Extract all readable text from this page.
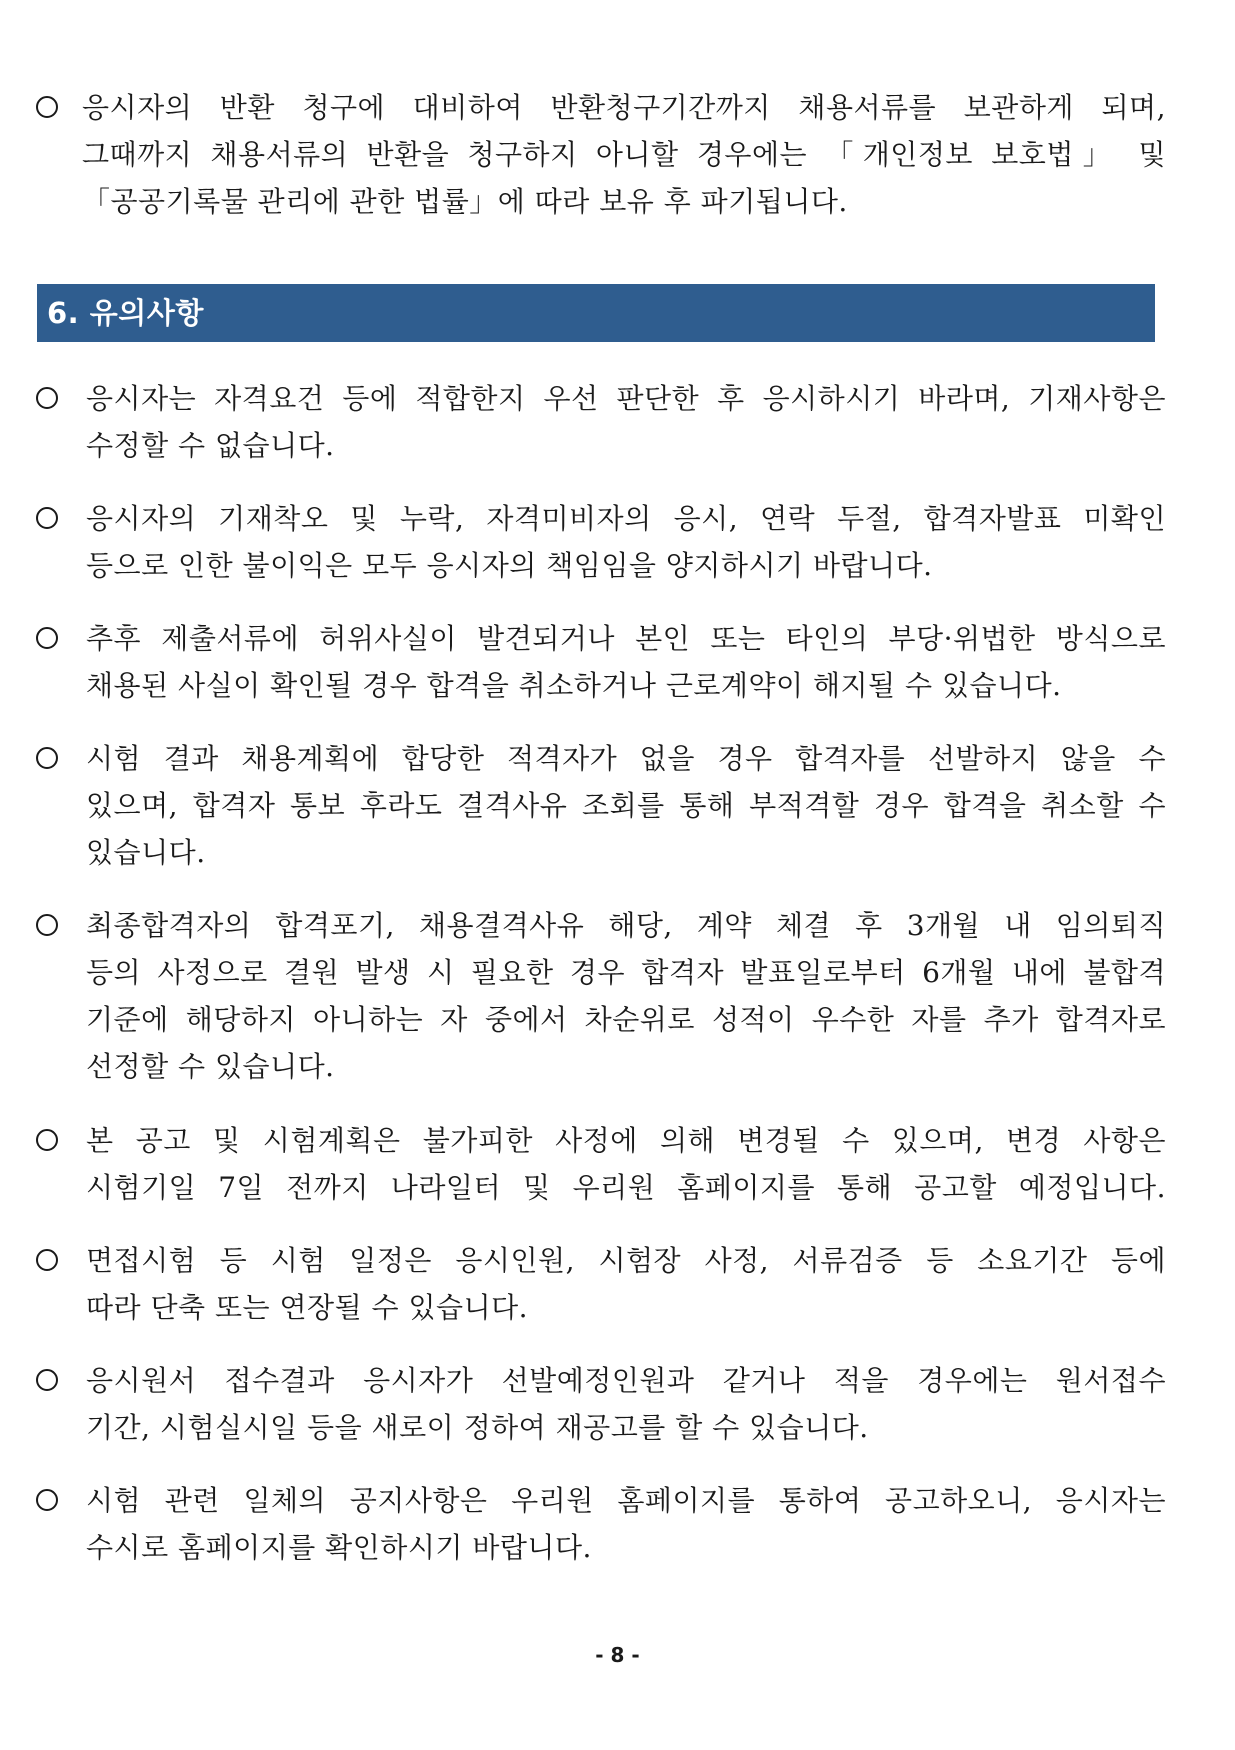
응시자의 반환 청구에 대비하여 반환청구기간까지 채용서류를 보관하게 되며,
그때까지 채용서류의 반환을 청구하지 아니할 경우에는 「개인정보 보호법」 및
「공공기록물 관리에 관한 법률」에 따라 보유 후 파기됩니다.
6. 유의사항
응시자는 자격요건 등에 적합한지 우선 판단한 후 응시하시기 바라며, 기재사항은
수정할 수 없습니다.
응시자의 기재착오 및 누락, 자격미비자의 응시, 연락 두절, 합격자발표 미확인
등으로 인한 불이익은 모두 응시자의 책임임을 양지하시기 바랍니다.
추후 제출서류에 허위사실이 발견되거나 본인 또는 타인의 부당·위법한 방식으로
채용된 사실이 확인될 경우 합격을 취소하거나 근로계약이 해지될 수 있습니다.
시험 결과 채용계획에 합당한 적격자가 없을 경우 합격자를 선발하지 않을 수
있으며, 합격자 통보 후라도 결격사유 조회를 통해 부적격할 경우 합격을 취소할 수
있습니다.
최종합격자의 합격포기, 채용결격사유 해당, 계약 체결 후 3개월 내 임의퇴직
등의 사정으로 결원 발생 시 필요한 경우 합격자 발표일로부터 6개월 내에 불합격
기준에 해당하지 아니하는 자 중에서 차순위로 성적이 우수한 자를 추가 합격자로
선정할 수 있습니다.
본 공고 및 시험계획은 불가피한 사정에 의해 변경될 수 있으며, 변경 사항은
시험기일 7일 전까지 나라일터 및 우리원 홈페이지를 통해 공고할 예정입니다.
면접시험 등 시험 일정은 응시인원, 시험장 사정, 서류검증 등 소요기간 등에
따라 단축 또는 연장될 수 있습니다.
응시원서 접수결과 응시자가 선발예정인원과 같거나 적을 경우에는 원서접수
기간, 시험실시일 등을 새로이 정하여 재공고를 할 수 있습니다.
시험 관련 일체의 공지사항은 우리원 홈페이지를 통하여 공고하오니, 응시자는
수시로 홈페이지를 확인하시기 바랍니다.
- 8 -
